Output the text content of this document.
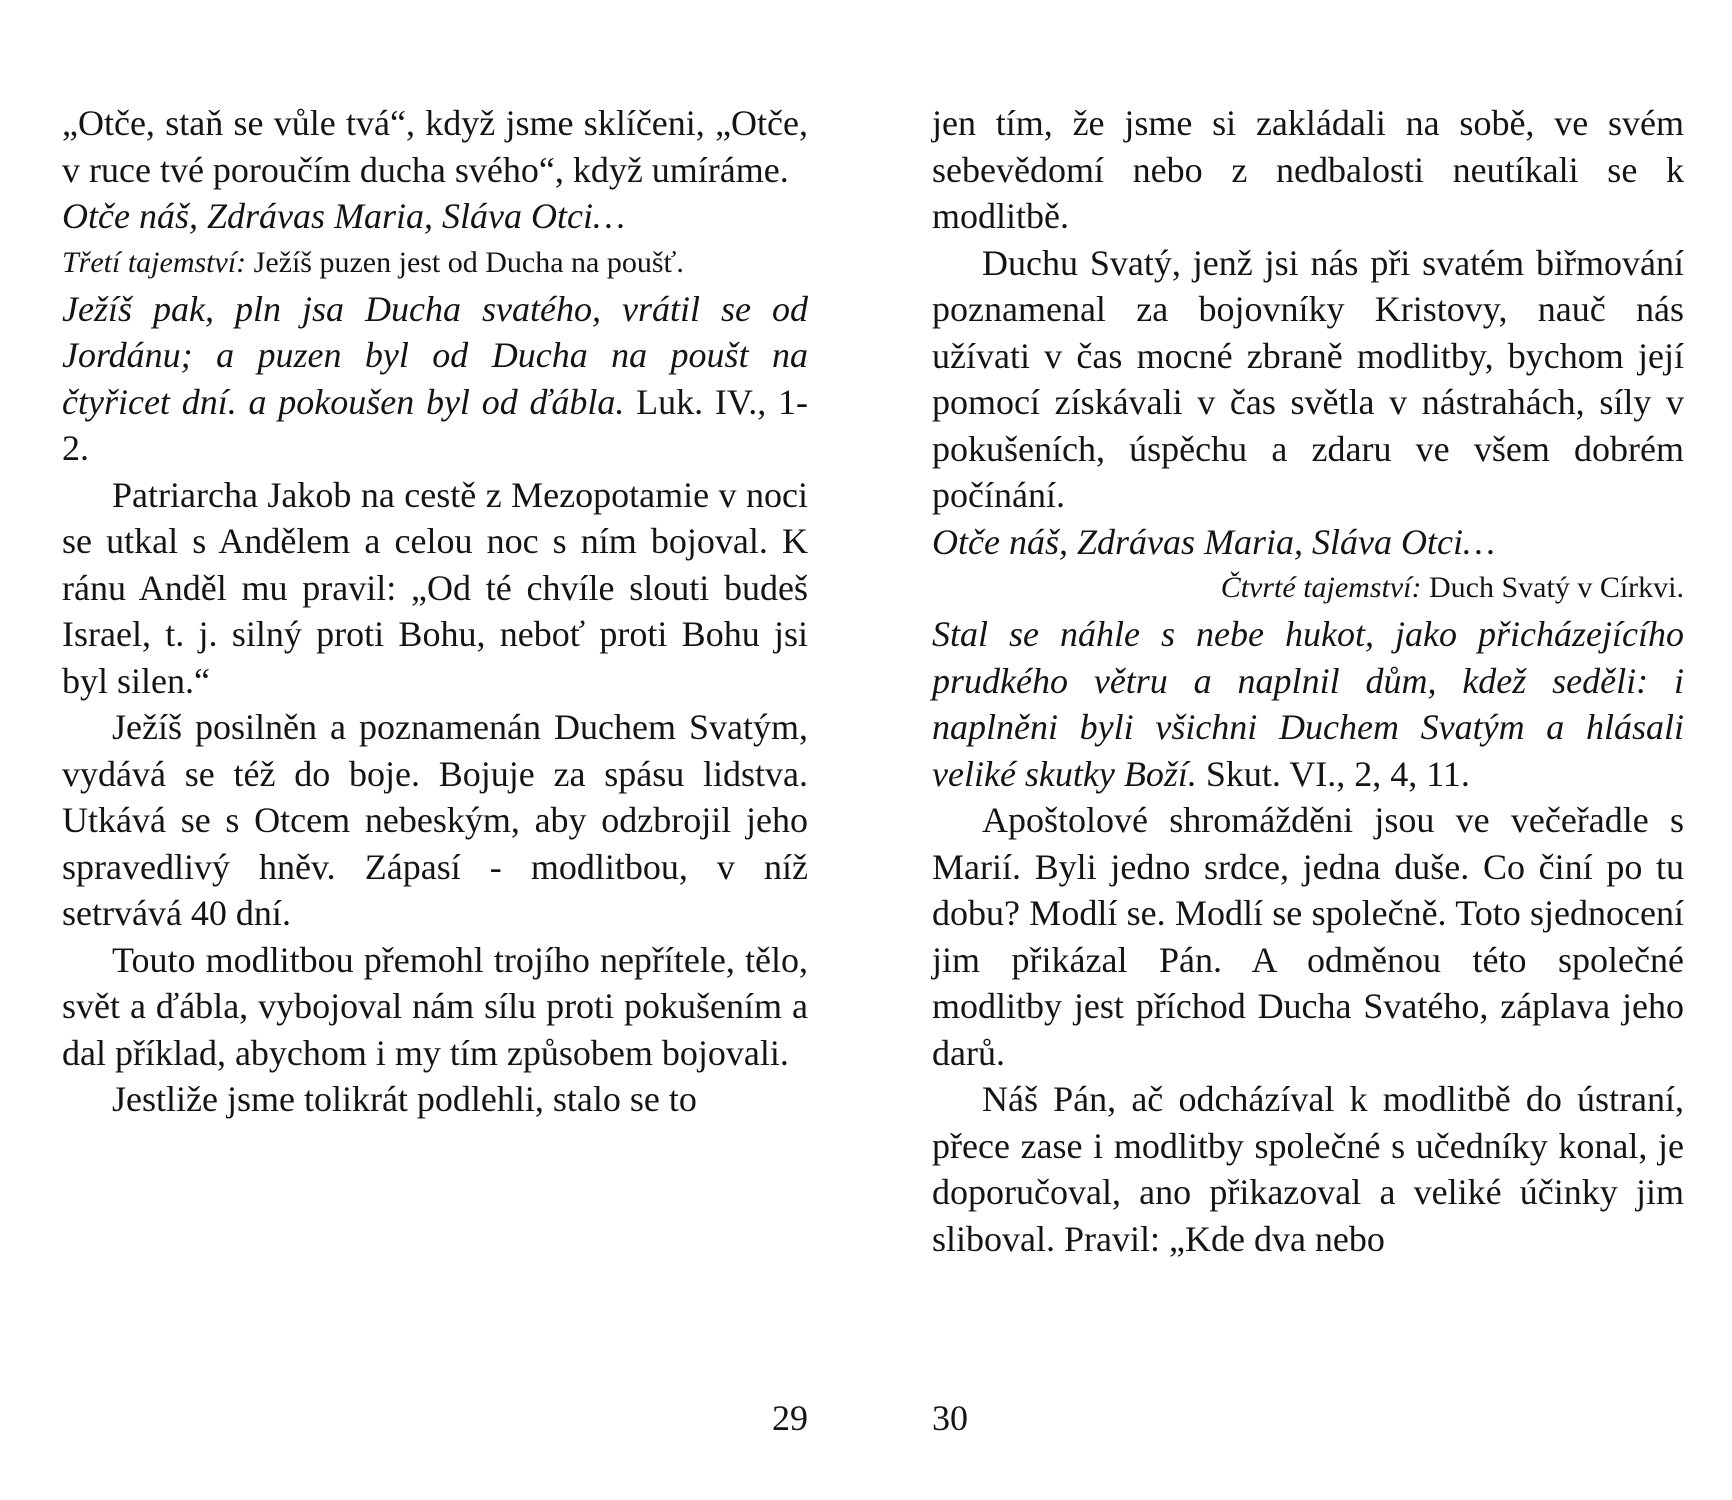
„Otče, staň se vůle tvá“, když jsme sklíčeni, „Otče, v ruce tvé poroučím ducha svého“, když umíráme.

Otče náš, Zdrávas Maria, Sláva Otci…

Třetí tajemství: Ježíš puzen jest od Ducha na poušť.

Ježíš pak, pln jsa Ducha svatého, vrátil se od Jordánu; a puzen byl od Ducha na poušt na čtyřicet dní. a pokoušen byl od ďábla. Luk. IV., 1-2.

Patriarcha Jakob na cestě z Mezopotamie v noci se utkal s Andělem a celou noc s ním bojoval. K ránu Anděl mu pravil: „Od té chvíle slouti budeš Israel, t. j. silný proti Bohu, neboť proti Bohu jsi byl silen.“

Ježíš posilněn a poznamenán Duchem Svatým, vydává se též do boje. Bojuje za spásu lidstva. Utkává se s Otcem nebeským, aby odzbrojil jeho spravedlivý hněv. Zápasí - modlitbou, v níž setrvává 40 dní.

Touto modlitbou přemohl trojího nepřítele, tělo, svět a ďábla, vybojoval nám sílu proti pokušením a dal příklad, abychom i my tím způsobem bojovali.

Jestliže jsme tolikrát podlehli, stalo se to

29

jen tím, že jsme si zakládali na sobě, ve svém sebevědomí nebo z nedbalosti neutíkali se k modlitbě.

Duchu Svatý, jenž jsi nás při svatém biřmování poznamenal za bojovníky Kristovy, nauč nás užívati v čas mocné zbraně modlitby, bychom její pomocí získávali v čas světla v nástrahách, síly v pokušeních, úspěchu a zdaru ve všem dobrém počínání.

Otče náš, Zdrávas Maria, Sláva Otci…

Čtvrté tajemství: Duch Svatý v Církvi.

Stal se náhle s nebe hukot, jako přicházejícího prudkého větru a naplnil dům, kdež seděli: i naplněni byli všichni Duchem Svatým a hlásali veliké skutky Boží. Skut. VI., 2, 4, 11.

Apoštolové shromážděni jsou ve večeřadle s Marií. Byli jedno srdce, jedna duše. Co činí po tu dobu? Modlí se. Modlí se společně. Toto sjednocení jim přikázal Pán. A odměnou této společné modlitby jest příchod Ducha Svatého, záplava jeho darů.

Náš Pán, ač odcházíval k modlitbě do ústraní, přece zase i modlitby společné s učedníky konal, je doporučoval, ano přikazoval a veliké účinky jim sliboval. Pravil: „Kde dva nebo

30
